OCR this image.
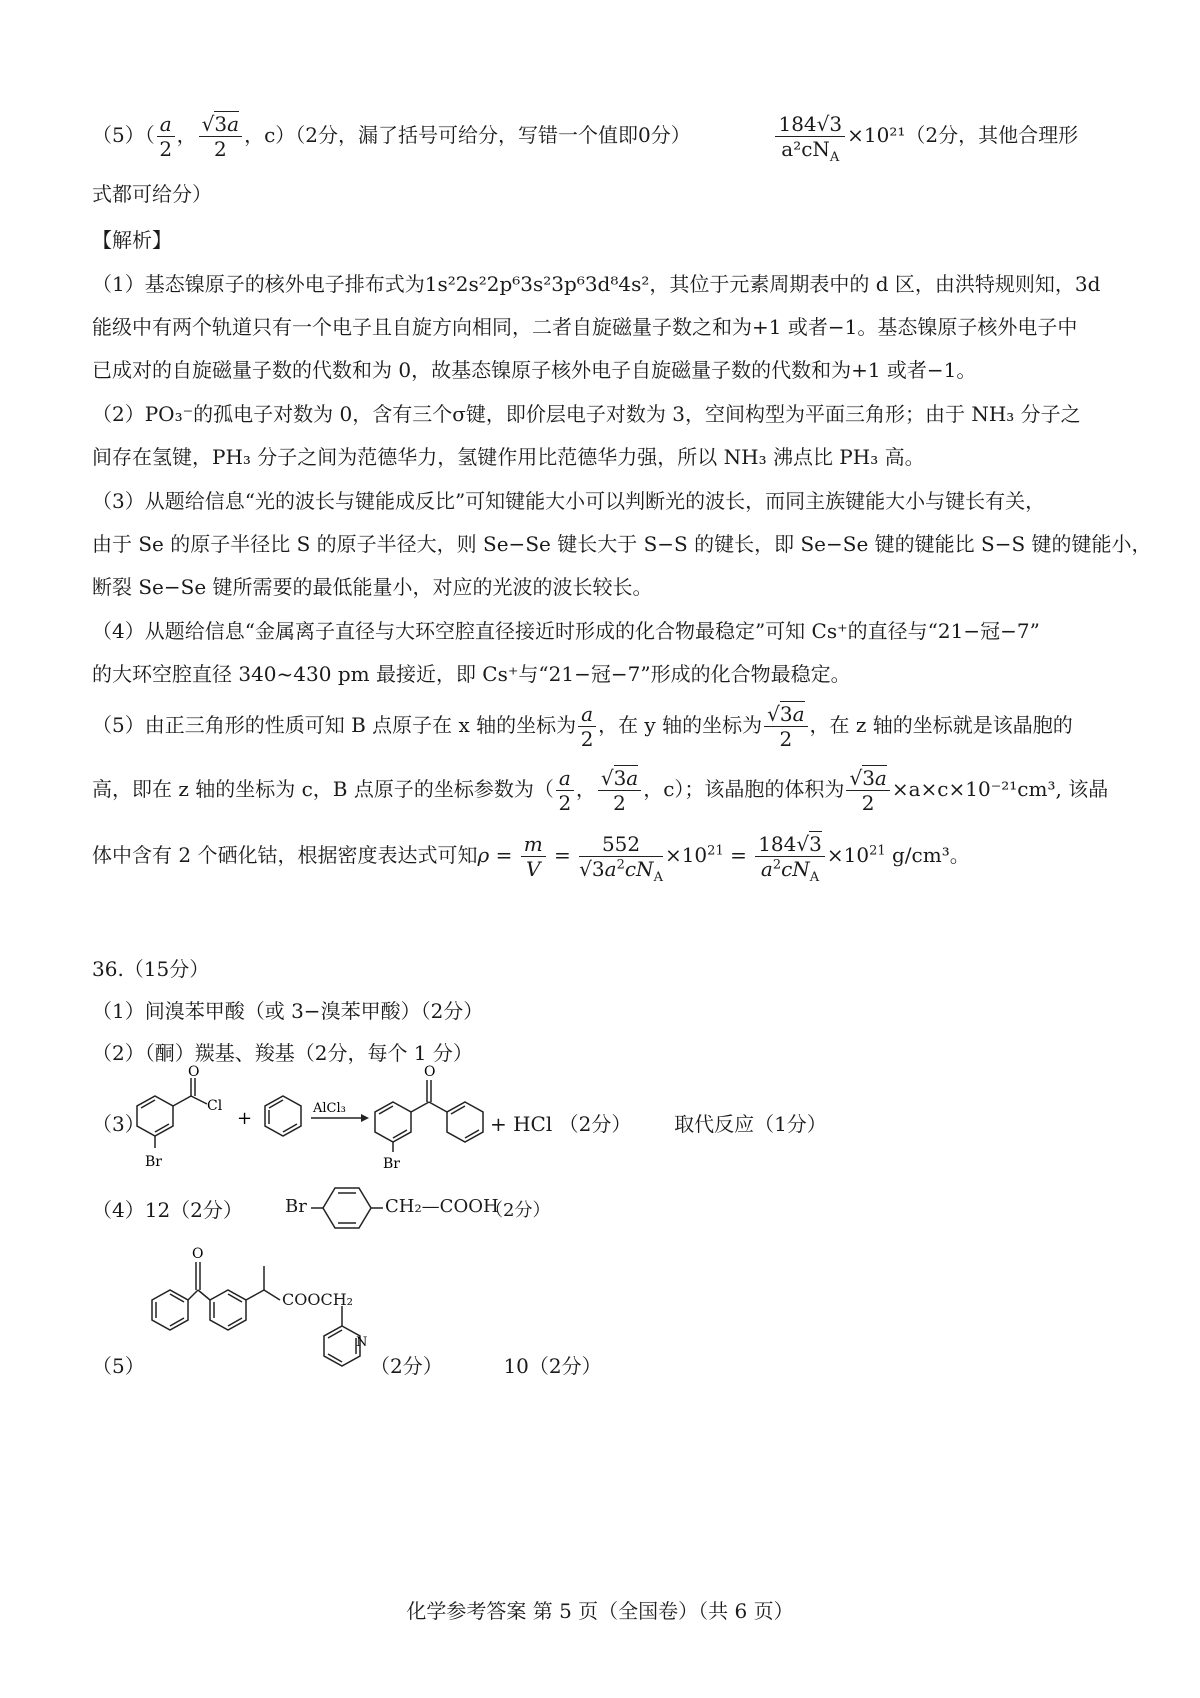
$(5)( \frac{a}{2}$ ， $\frac{√3a}{2}$ ，c）（2分，漏了括号可给分，写错一个值即0分）	$\frac{184√3}{a^2cN_A} \times 10^{21}(2$分，其他合理形
式都可给分）
【解析】
（1）基态镍原子的核外电子排布式为1s²2s²2p⁶3s²3p⁶3d⁸4s²，其位于元素周期表中的 d 区，由洪特规则知，3d
能级中有两个轨道只有一个电子且自旋方向相同，二者自旋磁量子数之和为+1 或者−1。基态镍原子核外电子中
已成对的自旋磁量子数的代数和为 0，故基态镍原子核外电子自旋磁量子数的代数和为+1 或者−1。
（2）PO₃⁻的孤电子对数为 0，含有三个σ键，即价层电子对数为 3，空间构型为平面三角形；由于 NH₃ 分子之
间存在氢键，PH₃ 分子之间为范德华力，氢键作用比范德华力强，所以 NH₃ 沸点比 PH₃ 高。
（3）从题给信息“光的波长与键能成反比”可知键能大小可以判断光的波长，而同主族键能大小与键长有关，
由于 Se 的原子半径比 S 的原子半径大，则 Se−Se 键长大于 S−S 的键长，即 Se−Se 键的键能比 S−S 键的键能小，
断裂 Se−Se 键所需要的最低能量小，对应的光波的波长较长。
（4）从题给信息“金属离子直径与大环空腔直径接近时形成的化合物最稳定”可知 Cs⁺的直径与“21−冠−7”
的大环空腔直径 340~430 pm 最接近，即 Cs⁺与“21−冠−7”形成的化合物最稳定。
（5）由正三角形的性质可知 B 点原子在 x 轴的坐标为 $\frac{a}{2}$ ，在 y 轴的坐标为 $\frac{√3a}{2}$ ，在 z 轴的坐标就是该晶胞的
高，即在 z 轴的坐标为 c，B 点原子的坐标参数为（ $\frac{a}{2}$ ， $\frac{√3a}{2}$ ，c）；该晶胞的体积为 $\frac{√3a}{2} \times a\times c\times 10^{-21}cm^3$, 该晶
体中含有 2 个硒化钴，根据密度表达式可知$\rho = \frac{m}{V} = \frac{552}{√3a^2cN_A} \times 10^{21} = \frac{184√3}{a^2cN_A} \times 10^{21}$ g/cm³。
36.（15分）
（1）间溴苯甲酸（或 3−溴苯甲酸）（2分）
（2）（酮）羰基、羧基（2分，每个 1 分）
（3）
O
Cl
Br
+	AlCl₃
O
Br
+ HCl （2分） 取代反应（1分）
（4）12（2分）	Br	CH₂—COOH
（2分）
O
N
COOCH₂
（5）	（2分）	10（2分）
化学参考答案 第 5 页（全国卷）（共 6 页）
